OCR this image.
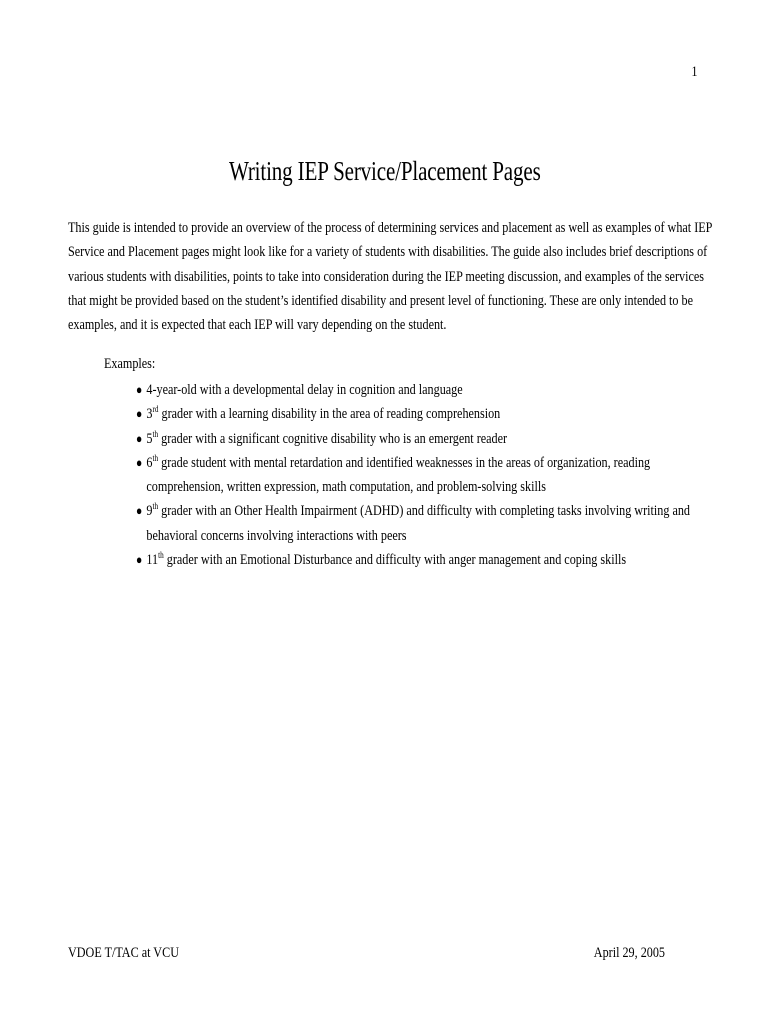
1
Writing IEP Service/Placement Pages
This guide is intended to provide an overview of the process of determining services and placement as well as examples of what IEP
Service and Placement pages might look like for a variety of students with disabilities. The guide also includes brief descriptions of
various students with disabilities, points to take into consideration during the IEP meeting discussion, and examples of the services
that might be provided based on the student’s identified disability and present level of functioning. These are only intended to be
examples, and it is expected that each IEP will vary depending on the student.
Examples:
● 4-year-old with a developmental delay in cognition and language
● 3rd grader with a learning disability in the area of reading comprehension
● 5th grader with a significant cognitive disability who is an emergent reader
● 6th grade student with mental retardation and identified weaknesses in the areas of organization, reading
comprehension, written expression, math computation, and problem-solving skills
● 9th grader with an Other Health Impairment (ADHD) and difficulty with completing tasks involving writing and
behavioral concerns involving interactions with peers
● 11th grader with an Emotional Disturbance and difficulty with anger management and coping skills
VDOE T/TAC at VCU	April 29, 2005
